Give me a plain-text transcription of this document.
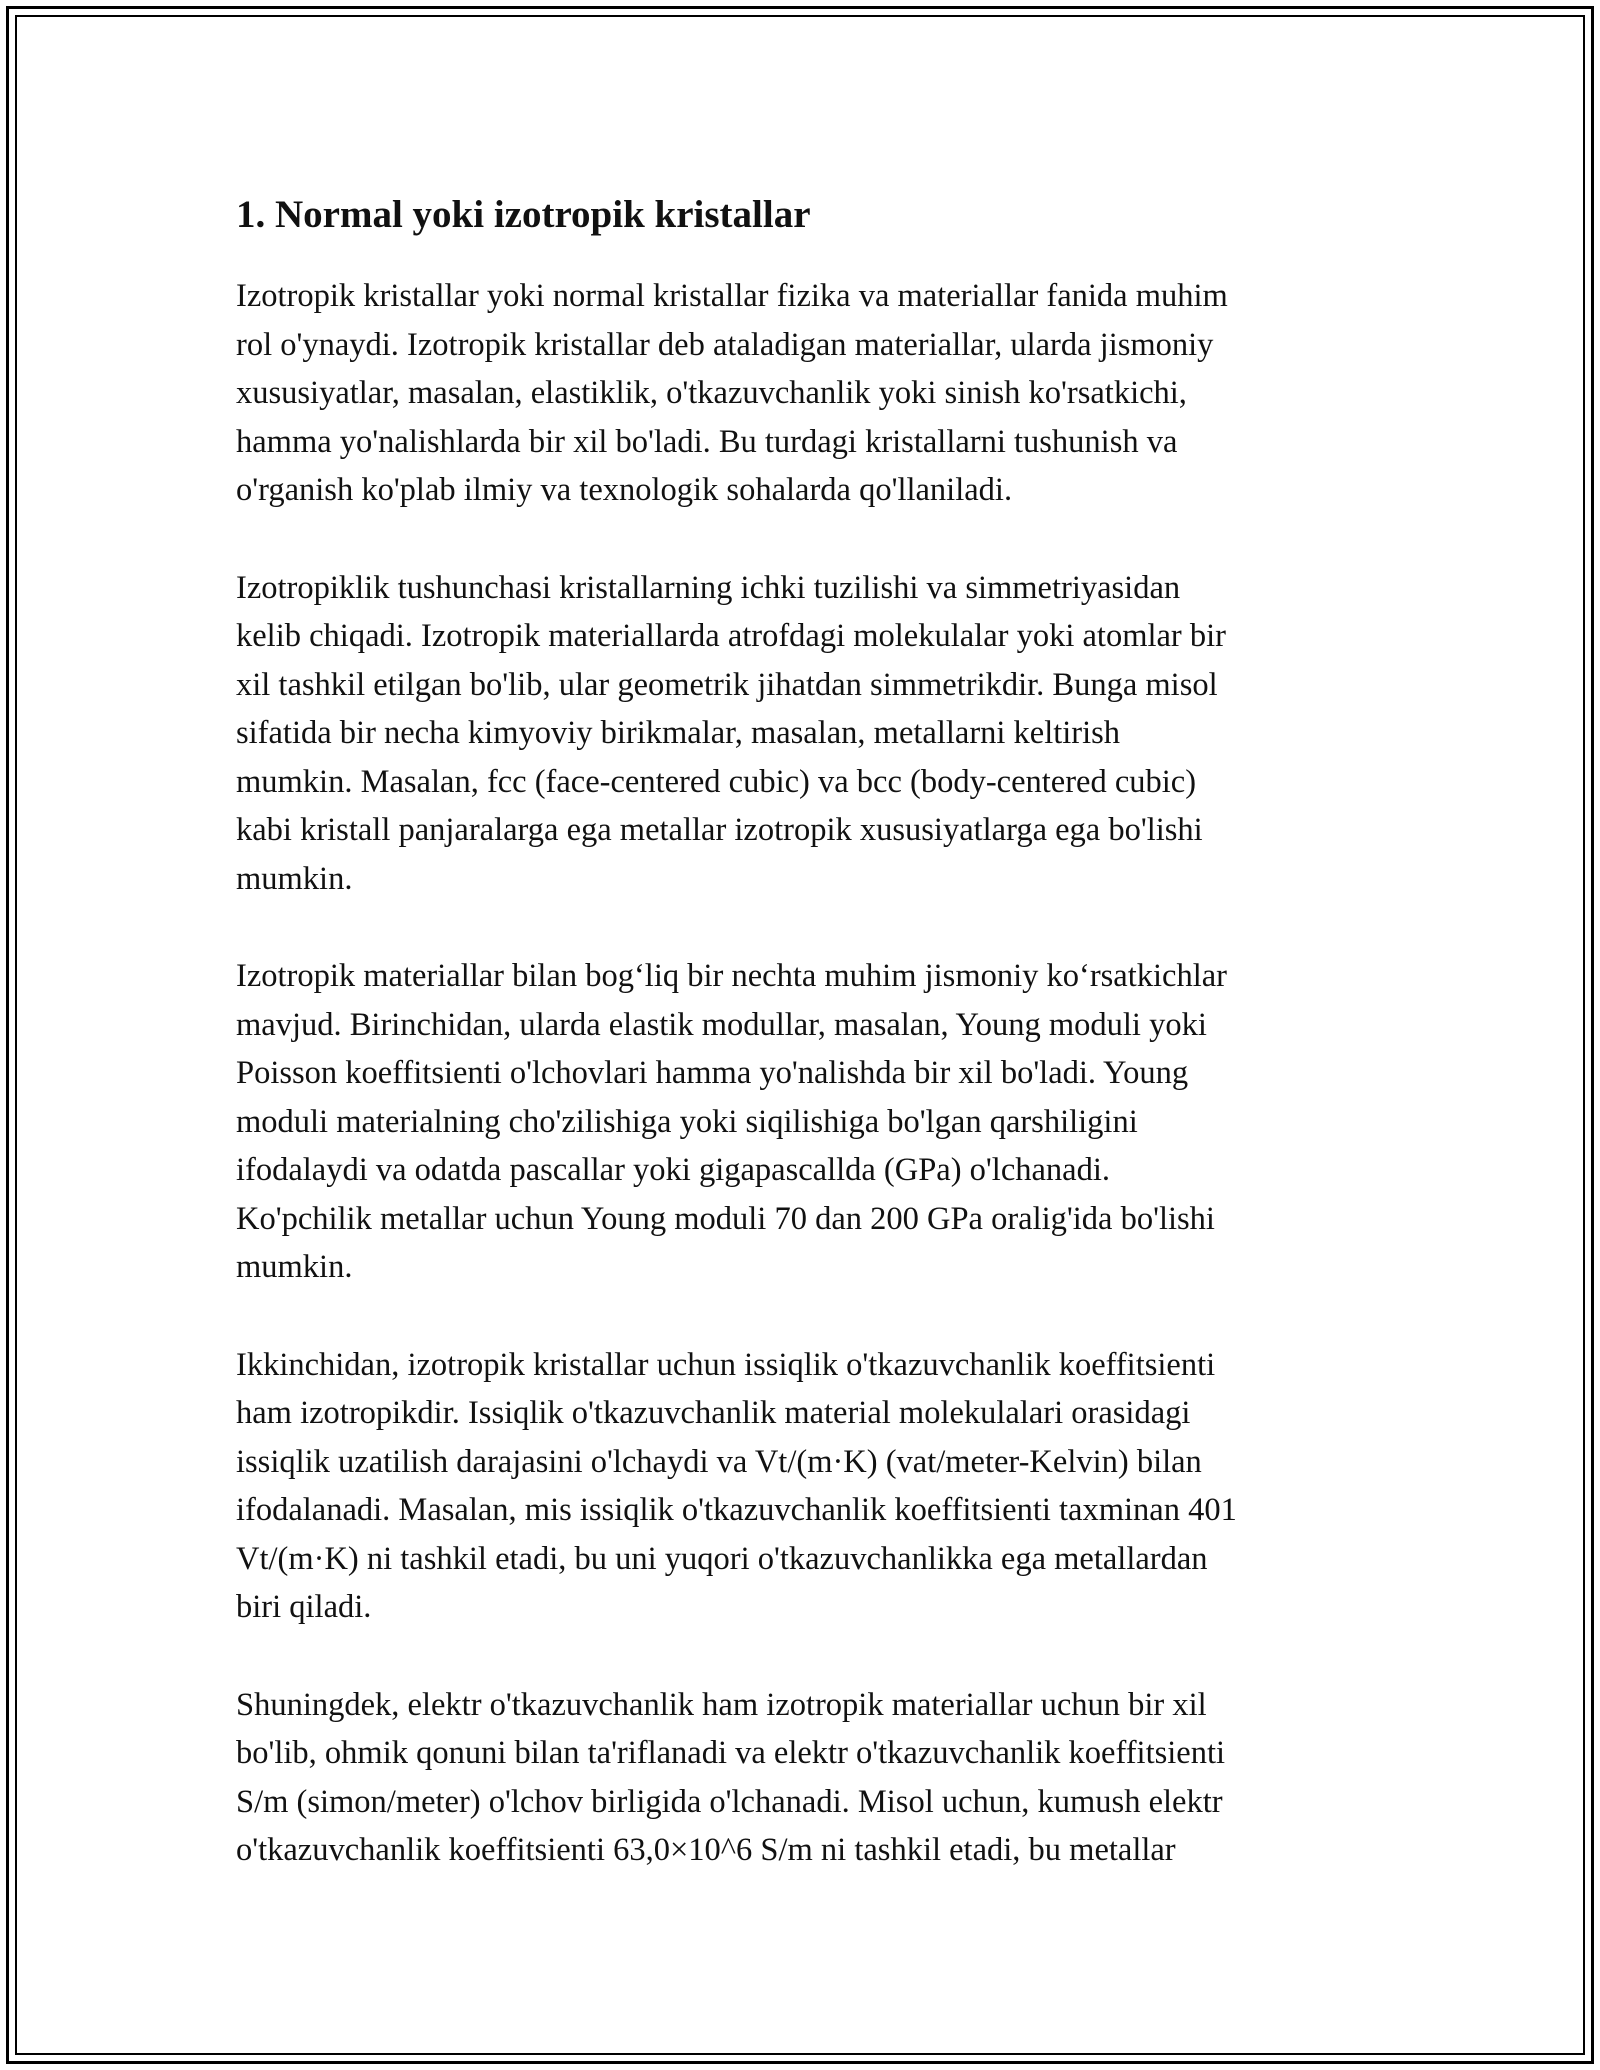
1. Normal yoki izotropik kristallar

Izotropik kristallar yoki normal kristallar fizika va materiallar fanida muhim
rol o'ynaydi. Izotropik kristallar deb ataladigan materiallar, ularda jismoniy
xususiyatlar, masalan, elastiklik, o'tkazuvchanlik yoki sinish ko'rsatkichi,
hamma yo'nalishlarda bir xil bo'ladi. Bu turdagi kristallarni tushunish va
o'rganish ko'plab ilmiy va texnologik sohalarda qo'llaniladi.

Izotropiklik tushunchasi kristallarning ichki tuzilishi va simmetriyasidan
kelib chiqadi. Izotropik materiallarda atrofdagi molekulalar yoki atomlar bir
xil tashkil etilgan bo'lib, ular geometrik jihatdan simmetrikdir. Bunga misol
sifatida bir necha kimyoviy birikmalar, masalan, metallarni keltirish
mumkin. Masalan, fcc (face-centered cubic) va bcc (body-centered cubic)
kabi kristall panjaralarga ega metallar izotropik xususiyatlarga ega bo'lishi
mumkin.

Izotropik materiallar bilan bog‘liq bir nechta muhim jismoniy ko‘rsatkichlar
mavjud. Birinchidan, ularda elastik modullar, masalan, Young moduli yoki
Poisson koeffitsienti o'lchovlari hamma yo'nalishda bir xil bo'ladi. Young
moduli materialning cho'zilishiga yoki siqilishiga bo'lgan qarshiligini
ifodalaydi va odatda pascallar yoki gigapascallda (GPa) o'lchanadi.
Ko'pchilik metallar uchun Young moduli 70 dan 200 GPa oralig'ida bo'lishi
mumkin.

Ikkinchidan, izotropik kristallar uchun issiqlik o'tkazuvchanlik koeffitsienti
ham izotropikdir. Issiqlik o'tkazuvchanlik material molekulalari orasidagi
issiqlik uzatilish darajasini o'lchaydi va Vt/(m·K) (vat/meter-Kelvin) bilan
ifodalanadi. Masalan, mis issiqlik o'tkazuvchanlik koeffitsienti taxminan 401
Vt/(m·K) ni tashkil etadi, bu uni yuqori o'tkazuvchanlikka ega metallardan
biri qiladi.

Shuningdek, elektr o'tkazuvchanlik ham izotropik materiallar uchun bir xil
bo'lib, ohmik qonuni bilan ta'riflanadi va elektr o'tkazuvchanlik koeffitsienti
S/m (simon/meter) o'lchov birligida o'lchanadi. Misol uchun, kumush elektr
o'tkazuvchanlik koeffitsienti 63,0×10^6 S/m ni tashkil etadi, bu metallar
